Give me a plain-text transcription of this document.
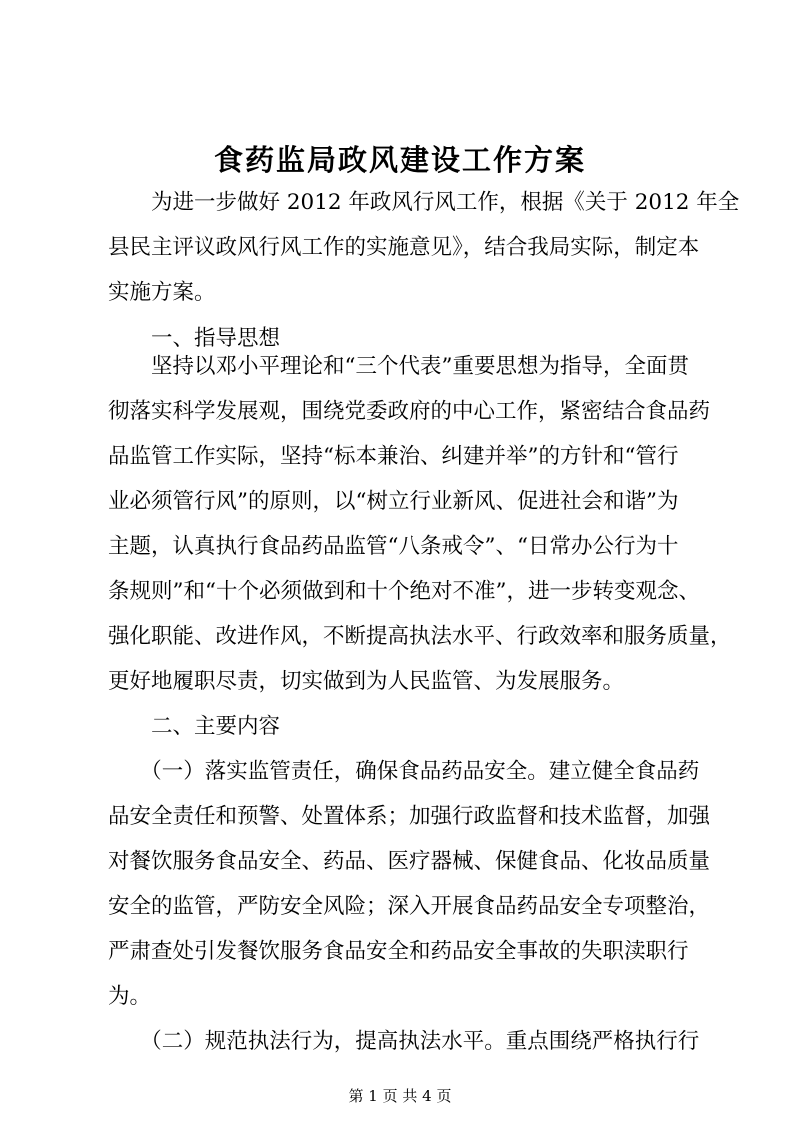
食药监局政风建设工作方案
　　为进一步做好 2012 年政风行风工作，根据《关于 2012 年全
县民主评议政风行风工作的实施意见》，结合我局实际，制定本
实施方案。
　　一、指导思想
　　坚持以邓小平理论和“三个代表”重要思想为指导，全面贯
彻落实科学发展观，围绕党委政府的中心工作，紧密结合食品药
品监管工作实际，坚持“标本兼治、纠建并举”的方针和“管行
业必须管行风”的原则，以“树立行业新风、促进社会和谐”为
主题，认真执行食品药品监管“八条戒令”、“日常办公行为十
条规则”和“十个必须做到和十个绝对不准”，进一步转变观念、
强化职能、改进作风，不断提高执法水平、行政效率和服务质量，
更好地履职尽责，切实做到为人民监管、为发展服务。
　　二、主要内容
　　（一）落实监管责任，确保食品药品安全。建立健全食品药
品安全责任和预警、处置体系；加强行政监督和技术监督，加强
对餐饮服务食品安全、药品、医疗器械、保健食品、化妆品质量
安全的监管，严防安全风险；深入开展食品药品安全专项整治，
严肃查处引发餐饮服务食品安全和药品安全事故的失职渎职行
为。
　　（二）规范执法行为，提高执法水平。重点围绕严格执行行
第 1 页 共 4 页
